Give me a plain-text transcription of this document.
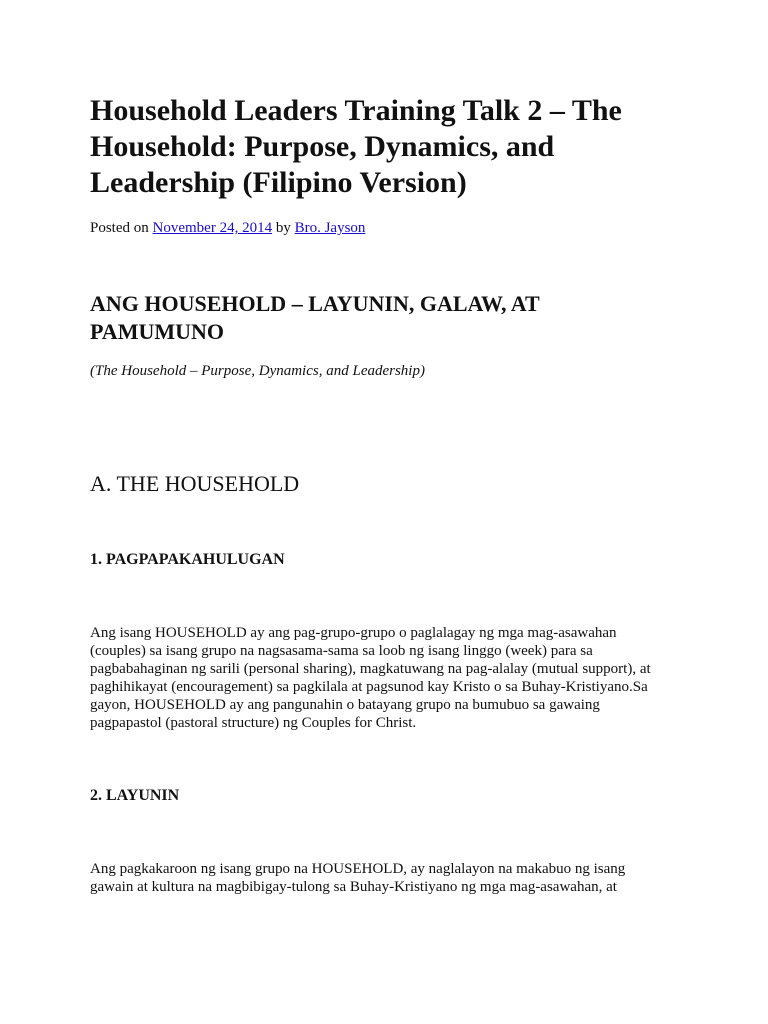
Household Leaders Training Talk 2 – The Household: Purpose, Dynamics, and Leadership (Filipino Version)

Posted on November 24, 2014 by Bro. Jayson

ANG HOUSEHOLD – LAYUNIN, GALAW, AT PAMUMUNO

(The Household – Purpose, Dynamics, and Leadership)

A. THE HOUSEHOLD
1. PAGPAPAKAHULUGAN

Ang isang HOUSEHOLD ay ang pag-grupo-grupo o paglalagay ng mga mag-asawahan (couples) sa isang grupo na nagsasama-sama sa loob ng isang linggo (week) para sa pagbabahaginan ng sarili (personal sharing), magkatuwang na pag-alalay (mutual support), at paghihikayat (encouragement) sa pagkilala at pagsunod kay Kristo o sa Buhay-Kristiyano.Sa gayon, HOUSEHOLD ay ang pangunahin o batayang grupo na bumubuo sa gawaing pagpapastol (pastoral structure) ng Couples for Christ.

2. LAYUNIN

Ang pagkakaroon ng isang grupo na HOUSEHOLD, ay naglalayon na makabuo ng isang gawain at kultura na magbibigay-tulong sa Buhay-Kristiyano ng mga mag-asawahan, at
